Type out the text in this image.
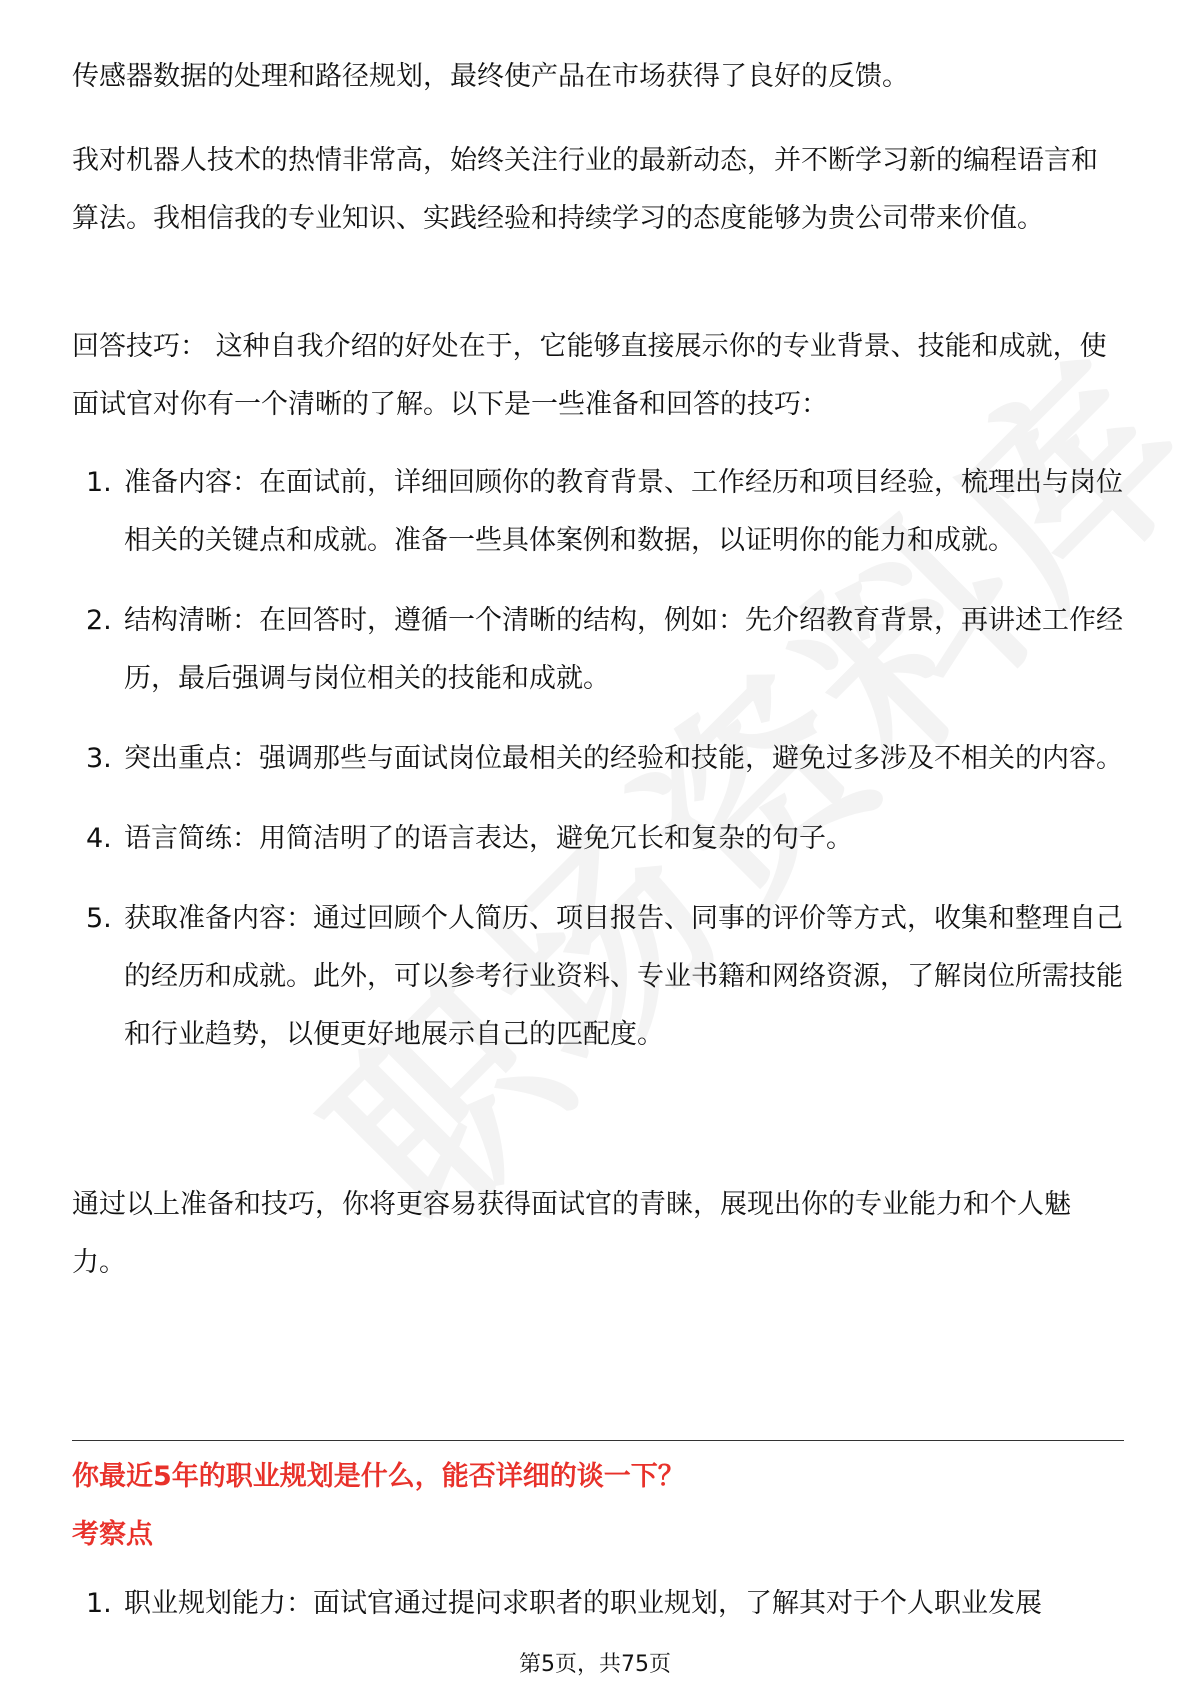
传感器数据的处理和路径规划，最终使产品在市场获得了良好的反馈。

我对机器人技术的热情非常高，始终关注行业的最新动态，并不断学习新的编程语言和算法。我相信我的专业知识、实践经验和持续学习的态度能够为贵公司带来价值。

回答技巧： 这种自我介绍的好处在于，它能够直接展示你的专业背景、技能和成就，使面试官对你有一个清晰的了解。以下是一些准备和回答的技巧：

1. 准备内容：在面试前，详细回顾你的教育背景、工作经历和项目经验，梳理出与岗位相关的关键点和成就。准备一些具体案例和数据，以证明你的能力和成就。
2. 结构清晰：在回答时，遵循一个清晰的结构，例如：先介绍教育背景，再讲述工作经历，最后强调与岗位相关的技能和成就。
3. 突出重点：强调那些与面试岗位最相关的经验和技能，避免过多涉及不相关的内容。
4. 语言简练：用简洁明了的语言表达，避免冗长和复杂的句子。
5. 获取准备内容：通过回顾个人简历、项目报告、同事的评价等方式，收集和整理自己的经历和成就。此外，可以参考行业资料、专业书籍和网络资源，了解岗位所需技能和行业趋势，以便更好地展示自己的匹配度。

通过以上准备和技巧，你将更容易获得面试官的青睐，展现出你的专业能力和个人魅力。

你最近5年的职业规划是什么，能否详细的谈一下？
考察点
1. 职业规划能力：面试官通过提问求职者的职业规划，了解其对于个人职业发展
第5页，共75页
